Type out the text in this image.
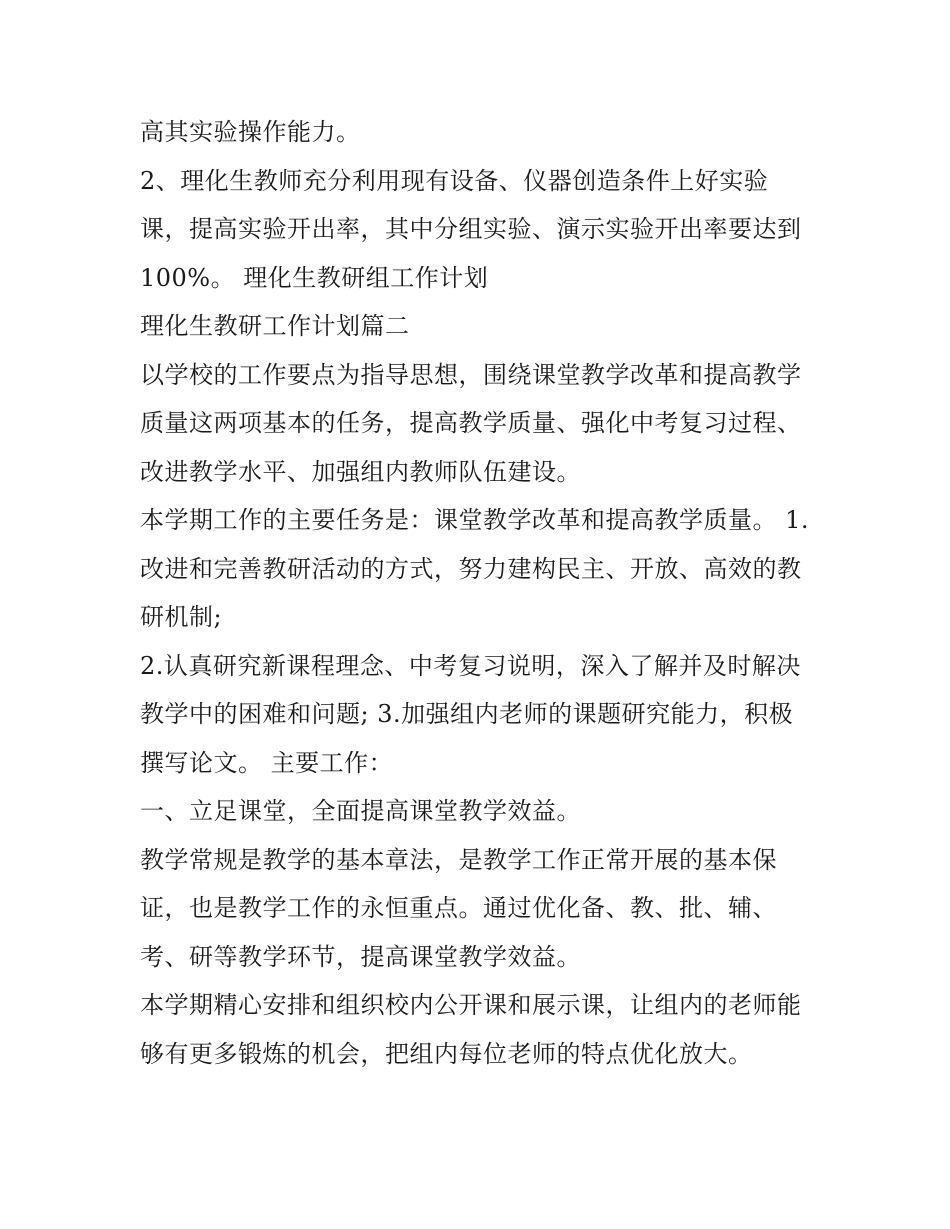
高其实验操作能力。
2、理化生教师充分利用现有设备、仪器创造条件上好实验
课，提高实验开出率，其中分组实验、演示实验开出率要达到
100%。 理化生教研组工作计划
理化生教研工作计划篇二
以学校的工作要点为指导思想，围绕课堂教学改革和提高教学
质量这两项基本的任务，提高教学质量、强化中考复习过程、
改进教学水平、加强组内教师队伍建设。
本学期工作的主要任务是：课堂教学改革和提高教学质量。 1.
改进和完善教研活动的方式，努力建构民主、开放、高效的教
研机制;
2.认真研究新课程理念、中考复习说明，深入了解并及时解决
教学中的困难和问题; 3.加强组内老师的课题研究能力，积极
撰写论文。 主要工作：
一、立足课堂，全面提高课堂教学效益。
教学常规是教学的基本章法，是教学工作正常开展的基本保
证，也是教学工作的永恒重点。通过优化备、教、批、辅、
考、研等教学环节，提高课堂教学效益。
本学期精心安排和组织校内公开课和展示课，让组内的老师能
够有更多锻炼的机会，把组内每位老师的特点优化放大。
